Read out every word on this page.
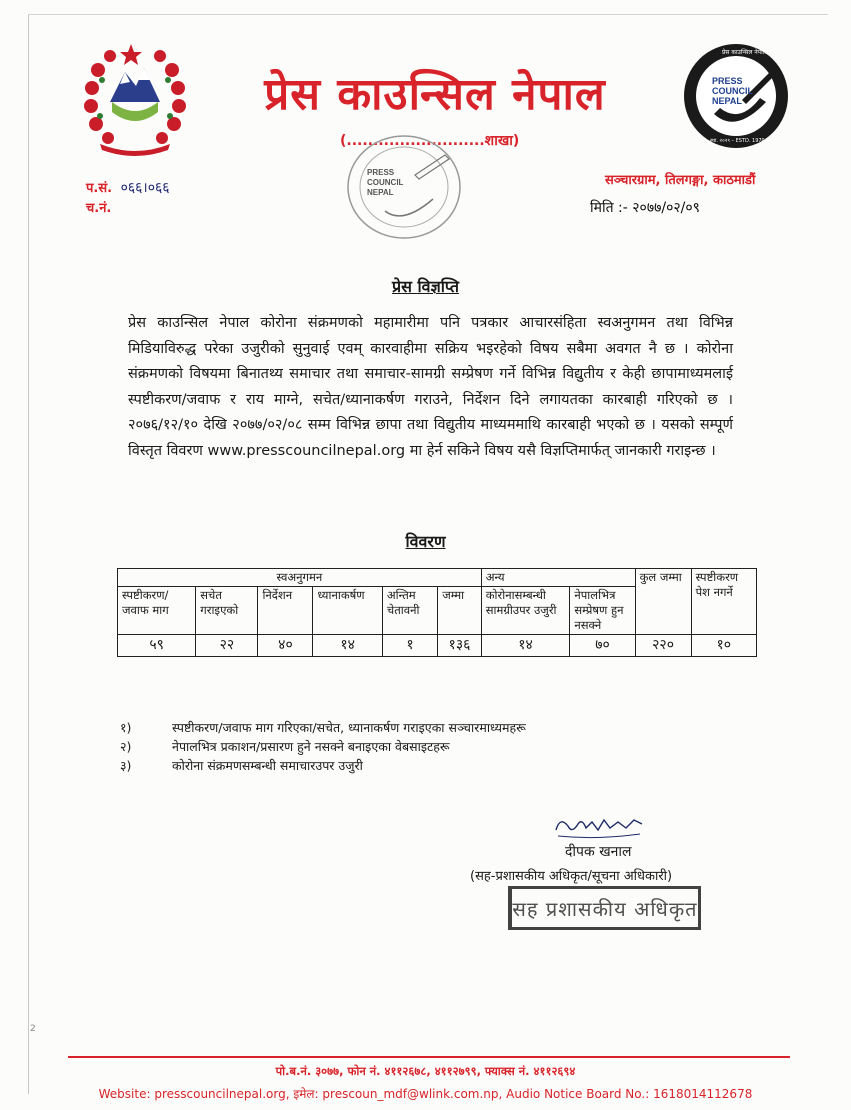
प्रेस काउन्सिल नेपाल
(..........................शाखा)
PRESS
COUNCIL
NEPAL
प्रेस काउन्सिल नेपाल
स्था. २०२९ – ESTD. 1970
PRESS
COUNCIL
NEPAL
प.सं. ०६६।०६६
च.नं.
सञ्चारग्राम, तिलगङ्गा, काठमाडौं
मिति :- २०७७/०२/०९
प्रेस विज्ञप्ति
प्रेस काउन्सिल नेपाल कोरोना संक्रमणको महामारीमा पनि पत्रकार आचारसंहिता स्वअनुगमन तथा विभिन्न मिडियाविरुद्ध परेका उजुरीको सुनुवाई एवम् कारवाहीमा सक्रिय भइरहेको विषय सबैमा अवगत नै छ । कोरोना संक्रमणको विषयमा बिनातथ्य समाचार तथा समाचार-सामग्री सम्प्रेषण गर्ने विभिन्न विद्युतीय र केही छापामाध्यमलाई स्पष्टीकरण/जवाफ र राय माग्ने, सचेत/ध्यानाकर्षण गराउने, निर्देशन दिने लगायतका कारबाही गरिएको छ । २०७६/१२/१० देखि २०७७/०२/०८ सम्म विभिन्न छापा तथा विद्युतीय माध्यममाथि कारबाही भएको छ । यसको सम्पूर्ण विस्तृत विवरण www.presscouncilnepal.org मा हेर्न सकिने विषय यसै विज्ञप्तिमार्फत् जानकारी गराइन्छ ।
विवरण
स्वअनुगमन						अन्य		कुल जम्मा	स्पष्टीकरण पेश नगर्ने
स्पष्टीकरण/ जवाफ माग	सचेत गराइएको	निर्देशन	ध्यानाकर्षण	अन्तिम चेतावनी	जम्मा	कोरोनासम्बन्धी सामग्रीउपर उजुरी	नेपालभित्र सम्प्रेषण हुन नसक्ने		
५९	२२	४०	१४	१	१३६	१४	७०	२२०	१०
१)	स्पष्टीकरण/जवाफ माग गरिएका/सचेत, ध्यानाकर्षण गराइएका सञ्चारमाध्यमहरू
२)	नेपालभित्र प्रकाशन/प्रसारण हुने नसक्ने बनाइएका वेबसाइटहरू
३)	कोरोना संक्रमणसम्बन्धी समाचारउपर उजुरी
दीपक खनाल
(सह-प्रशासकीय अधिकृत/सूचना अधिकारी)
सह प्रशासकीय अधिकृत
2
पो.ब.नं. ३०७७, फोन नं. ४११२६७८, ४११२७९९, फ्याक्स नं. ४११२६९४
Website: presscouncilnepal.org, इमेल: prescoun_mdf@wlink.com.np, Audio Notice Board No.: 1618014112678
